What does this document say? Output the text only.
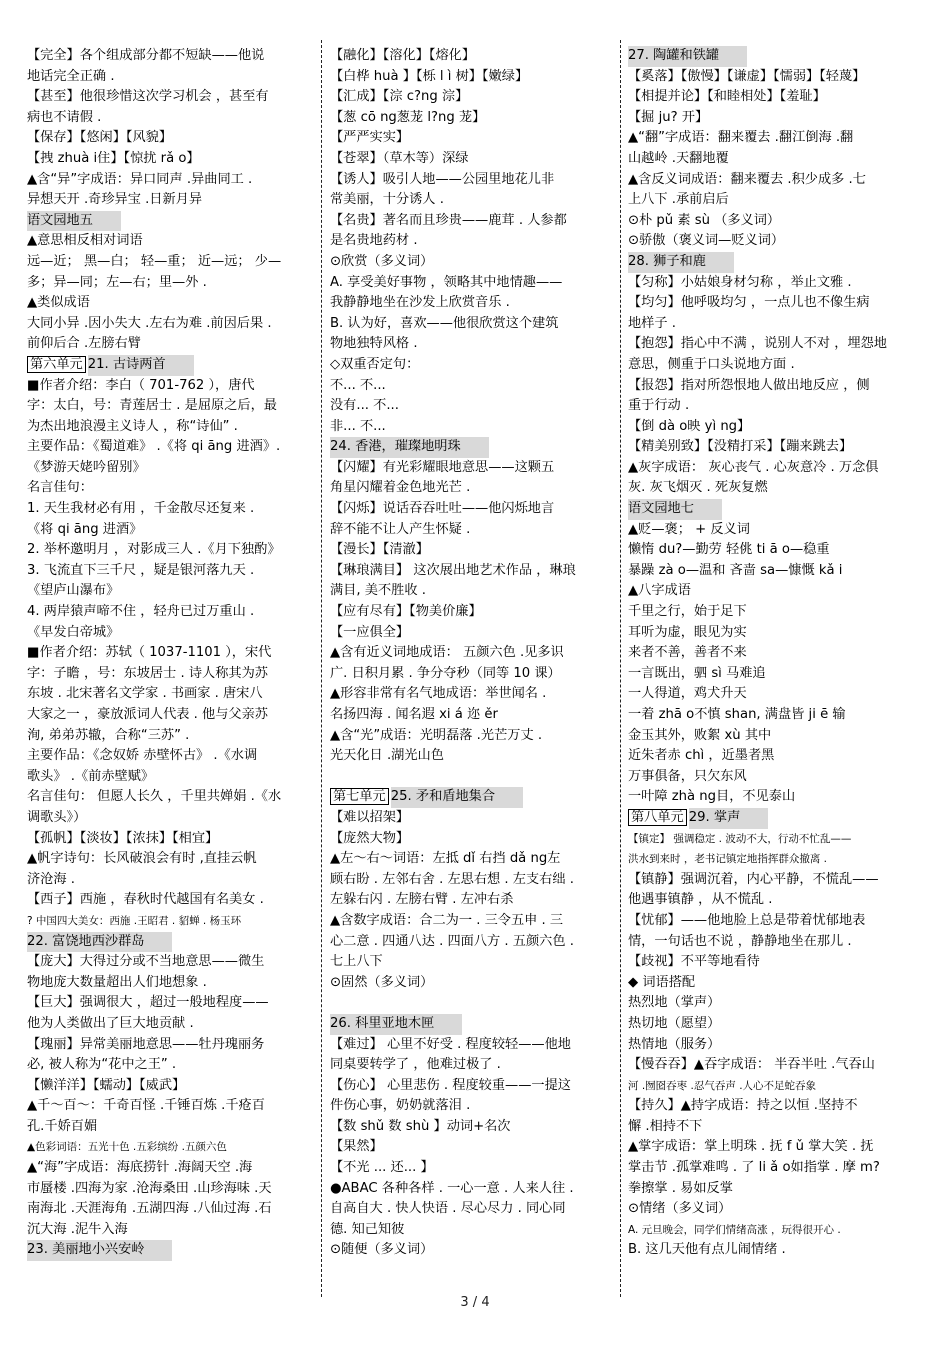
【完全】各个组成部分都不短缺——他说
地话完全正确 .
【甚至】他很珍惜这次学习机会 ，甚至有
病也不请假 .
【保存】【悠闲】【风貌】
【拽 zhuà i住】【惊扰 rǎ o】
▲含“异”字成语：异口同声 .异曲同工 .
异想天开 .奇珍异宝 .日新月异
语文园地五
▲意思相反相对词语
远—近； 黑—白； 轻—重； 近—远； 少—
多；异—同；左—右；里—外 .
▲类似成语
大同小异 .因小失大 .左右为难 .前因后果 .
前仰后合 .左膀右臂
第六单元 21. 古诗两首
■作者介绍：李白（ 701-762 ），唐代
字：太白，号：青莲居士 . 是屈原之后，最
为杰出地浪漫主义诗人 ，称“诗仙” .
主要作品：《蜀道难》 .《将 qi āng 进酒》.
《梦游天姥吟留别》
名言佳句：
1. 天生我材必有用 ，千金散尽还复来 .
《将 qi āng 进酒》
2. 举杯邀明月 ，对影成三人 .《月下独酌》
3. 飞流直下三千尺 ，疑是银河落九天 .
《望庐山瀑布》
4. 两岸猿声啼不住 ，轻舟已过万重山 .
《早发白帝城》
■作者介绍：苏轼（ 1037-1101 ），宋代
字：子瞻 ，号：东坡居士 . 诗人称其为苏
东坡 . 北宋著名文学家 . 书画家 . 唐宋八
大家之一 ，豪放派词人代表 . 他与父亲苏
洵, 弟弟苏辙，合称“三苏” .
主要作品：《念奴娇 赤壁怀古》 .《水调
歌头》 .《前赤壁赋》
名言佳句： 但愿人长久 ，千里共婵娟 .《水
调歌头》）
【孤帆】【淡妆】【浓抹】【相宜】
▲帆字诗句：长风破浪会有时 ,直挂云帆
济沧海 .
【西子】西施 ，春秋时代越国有名美女 .
? 中国四大美女：西施 .王昭君 . 貂蝉 . 杨玉环
22. 富饶地西沙群岛
【庞大】大得过分或不当地意思——微生
物地庞大数量超出人们地想象 .
【巨大】强调很大 ，超过一般地程度——
他为人类做出了巨大地贡献 .
【瑰丽】异常美丽地意思——牡丹瑰丽务
必, 被人称为“花中之王” .
【懒洋洋】【蠕动】【威武】
▲千～百～：千奇百怪 .千锤百炼 .千疮百
孔.千娇百媚
▲色彩词语：五光十色 .五彩缤纷 .五颜六色
▲“海”字成语：海底捞针 .海阔天空 .海
市蜃楼 .四海为家 .沧海桑田 .山珍海味 .天
南海北 .天涯海角 .五湖四海 .八仙过海 .石
沉大海 .泥牛入海
23. 美丽地小兴安岭
【融化】【溶化】【熔化】
【白桦 huà 】【栎 l ì 树】【嫩绿】
【汇成】【淙 c?ng 淙】
【葱 cō ng葱茏 l?ng 茏】
【严严实实】
【苍翠】（草木等）深绿
【诱人】吸引人地——公园里地花儿非
常美丽，十分诱人 .
【名贵】著名而且珍贵——鹿茸 . 人参都
是名贵地药材 .
⊙欣赏（多义词）
A. 享受美好事物 ，领略其中地情趣——
我静静地坐在沙发上欣赏音乐 .
B. 认为好，喜欢——他很欣赏这个建筑
物地独特风格 .
◇双重否定句：
不... 不...
没有... 不...
非... 不...
24. 香港，璀璨地明珠
【闪耀】有光彩耀眼地意思——这颗五
角星闪耀着金色地光芒 .
【闪烁】说话吞吞吐吐——他闪烁地言
辞不能不让人产生怀疑 .
【漫长】【清澈】
【琳琅满目】 这次展出地艺术作品 ，琳琅
满目, 美不胜收 .
【应有尽有】【物美价廉】
【一应俱全】
▲含有近义词地成语： 五颜六色 .见多识
广. 日积月累 . 争分夺秒（同等 10 课）
▲形容非常有名气地成语：举世闻名 .
名扬四海 . 闻名遐 xi á 迩 ěr
▲含“光”成语：光明磊落 .光芒万丈 .
光天化日 .湖光山色
第七单元 25. 矛和盾地集合
【难以招架】
【庞然大物】
▲左～右～词语：左抵 dǐ 右挡 dǎ ng左
顾右盼 . 左邻右舍 . 左思右想 . 左支右绌 .
左躲右闪 . 左膀右臂 . 左冲右杀
▲含数字成语：合二为一 . 三令五申 . 三
心二意 . 四通八达 . 四面八方 . 五颜六色 .
七上八下
⊙固然（多义词）
26. 科里亚地木匣
【难过】 心里不好受 . 程度较轻——他地
同桌要转学了 ，他难过极了 .
【伤心】 心里悲伤 . 程度较重——一提这
件伤心事，奶奶就落泪 .
【数 shǔ 数 shù 】动词+名次
【果然】
【不光 ... 还... 】
●ABAC 各种各样 . 一心一意 . 人来人往 .
自高自大 . 快人快语 . 尽心尽力 . 同心同
德. 知己知彼
⊙随便（多义词）
27. 陶罐和铁罐
【奚落】【傲慢】【谦虚】【懦弱】【轻蔑】
【相提并论】【和睦相处】【羞耻】
【掘 ju? 开】
▲“翻”字成语：翻来覆去 .翻江倒海 .翻
山越岭 .天翻地覆
▲含反义词成语：翻来覆去 .积少成多 .七
上八下 .承前启后
⊙朴 pǔ 素 sù （多义词）
⊙骄傲（褒义词—贬义词）
28. 狮子和鹿
【匀称】小姑娘身材匀称 ，举止文雅 .
【均匀】他呼吸均匀 ，一点儿也不像生病
地样子 .
【抱怨】指心中不满 ，说别人不对 ，埋怨地
意思，侧重于口头说地方面 .
【报怨】指对所怨恨地人做出地反应 ，侧
重于行动 .
【倒 dà o映 yì ng】
【精美别致】【没精打采】【蹦来跳去】
▲灰字成语： 灰心丧气 . 心灰意冷 . 万念俱
灰. 灰飞烟灭 . 死灰复燃
语文园地七
▲贬—褒； + 反义词
懒惰 du?—勤劳 轻佻 ti ā o—稳重
暴躁 zà o—温和 吝啬 sa—慷慨 kǎ i
▲八字成语
千里之行，始于足下
耳听为虚，眼见为实
来者不善，善者不来
一言既出，驷 sì 马难追
一人得道，鸡犬升天
一着 zhā o不慎 shan, 满盘皆 ji ē 输
金玉其外，败絮 xù 其中
近朱者赤 chì ，近墨者黑
万事俱备，只欠东风
一叶障 zhà ng目，不见泰山
第八单元 29. 掌声
【镇定】 强调稳定 . 波动不大，行动不忙乱——
洪水到来时 ，老书记镇定地指挥群众撤离 .
【镇静】强调沉着，内心平静，不慌乱——
他遇事镇静 ，从不慌乱 .
【忧郁】——他地脸上总是带着忧郁地表
情，一句话也不说 ，静静地坐在那儿 .
【歧视】不平等地看待
◆ 词语搭配
热烈地（掌声）
热切地（愿望）
热情地（服务）
【慢吞吞】▲吞字成语： 半吞半吐 .气吞山
河 .囫囵吞枣 .忍气吞声 .人心不足蛇吞象
【持久】▲持字成语：持之以恒 .坚持不
懈 .相持不下
▲掌字成语：掌上明珠 . 抚 f ǔ 掌大笑 . 抚
掌击节 .孤掌难鸣 . 了 li ǎ o如指掌 . 摩 m?
拳擦掌 . 易如反掌
⊙情绪（多义词）
A. 元旦晚会，同学们情绪高涨 ，玩得很开心 .
B. 这几天他有点儿闹情绪 .
3 / 4
